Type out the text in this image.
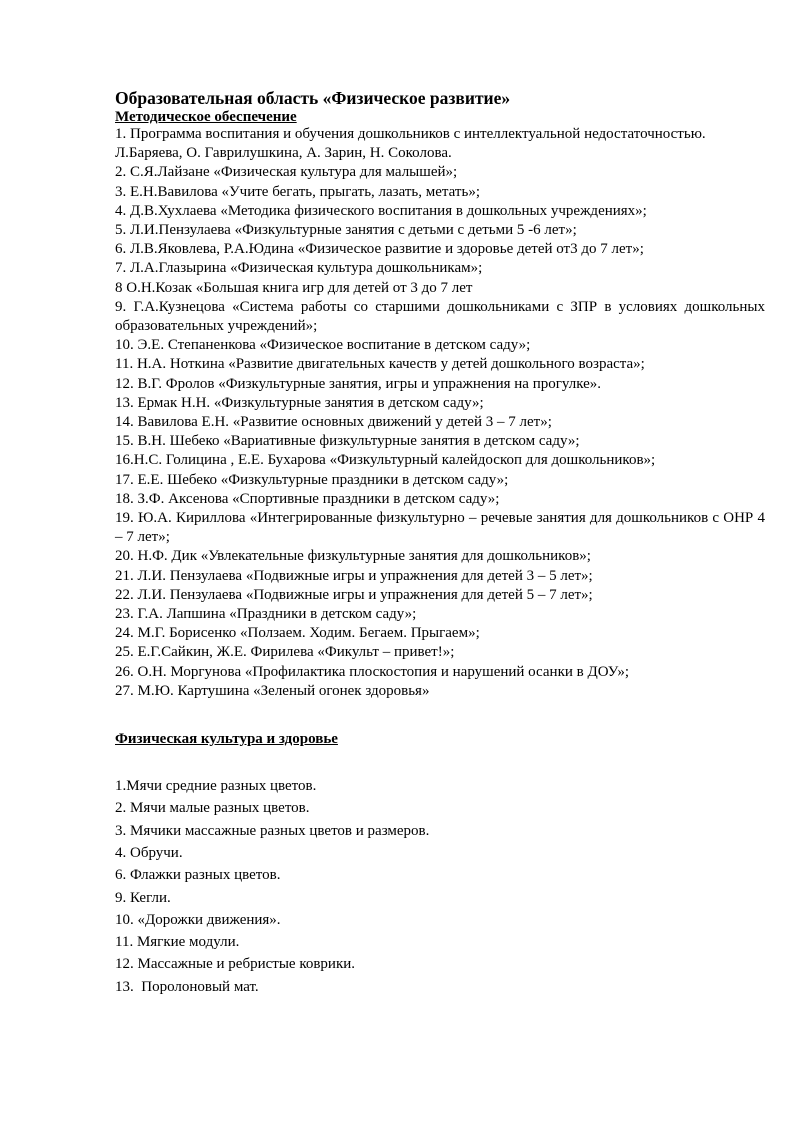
Образовательная область «Физическое развитие»
Методическое обеспечение
1. Программа воспитания и обучения дошкольников с интеллектуальной недостаточностью.
Л.Баряева, О. Гаврилушкина, А. Зарин, Н. Соколова.
2. С.Я.Лайзане «Физическая культура для малышей»;
3. Е.Н.Вавилова «Учите бегать, прыгать, лазать, метать»;
4. Д.В.Хухлаева «Методика физического воспитания в дошкольных учреждениях»;
5. Л.И.Пензулаева «Физкультурные занятия с детьми с детьми 5 -6 лет»;
6. Л.В.Яковлева, Р.А.Юдина «Физическое развитие и здоровье детей от3 до 7 лет»;
7. Л.А.Глазырина «Физическая культура дошкольникам»;
8 О.Н.Козак «Большая книга игр для детей от 3 до 7 лет
9. Г.А.Кузнецова «Система работы со старшими дошкольниками с ЗПР в условиях дошкольных образовательных учреждений»;
10. Э.Е. Степаненкова «Физическое воспитание в детском саду»;
11. Н.А. Ноткина «Развитие двигательных качеств у детей дошкольного возраста»;
12. В.Г. Фролов «Физкультурные занятия, игры и упражнения на прогулке».
13. Ермак Н.Н. «Физкультурные занятия в детском саду»;
14. Вавилова Е.Н. «Развитие основных движений у детей 3 – 7 лет»;
15. В.Н. Шебеко «Вариативные физкультурные занятия в детском саду»;
16.Н.С. Голицина , Е.Е. Бухарова «Физкультурный калейдоскоп для дошкольников»;
17. Е.Е. Шебеко «Физкультурные праздники в детском саду»;
18. З.Ф. Аксенова «Спортивные праздники в детском саду»;
19. Ю.А. Кириллова «Интегрированные физкультурно – речевые занятия для дошкольников с ОНР 4 – 7 лет»;
20. Н.Ф. Дик «Увлекательные физкультурные занятия для дошкольников»;
21. Л.И. Пензулаева «Подвижные игры и упражнения для детей 3 – 5 лет»;
22. Л.И. Пензулаева «Подвижные игры и упражнения для детей 5 – 7 лет»;
23. Г.А. Лапшина «Праздники в детском саду»;
24. М.Г. Борисенко «Ползаем. Ходим. Бегаем. Прыгаем»;
25. Е.Г.Сайкин, Ж.Е. Фирилева «Фикульт – привет!»;
26. О.Н. Моргунова «Профилактика плоскостопия и нарушений осанки в ДОУ»;
27. М.Ю. Картушина «Зеленый огонек здоровья»
Физическая культура и здоровье
1.Мячи средние разных цветов.
2. Мячи малые разных цветов.
3. Мячики массажные разных цветов и размеров.
4. Обручи.
6. Флажки разных цветов.
9. Кегли.
10. «Дорожки движения».
11. Мягкие модули.
12. Массажные и ребристые коврики.
13.  Поролоновый мат.
